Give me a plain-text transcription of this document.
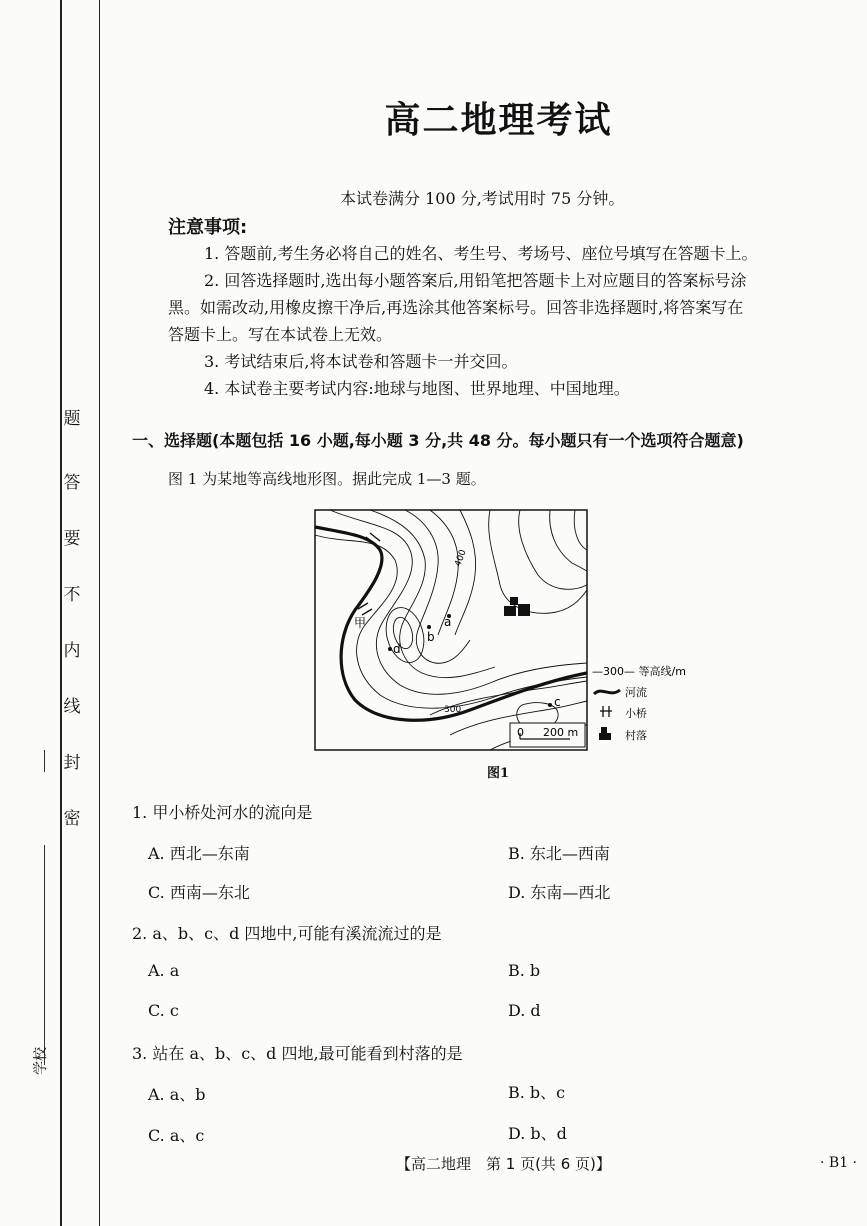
题
答
要
不
内
线
封
密
学校
高二地理考试
本试卷满分 100 分,考试用时 75 分钟。
注意事项:
1. 答题前,考生务必将自己的姓名、考生号、考场号、座位号填写在答题卡上。
2. 回答选择题时,选出每小题答案后,用铅笔把答题卡上对应题目的答案标号涂
黑。如需改动,用橡皮擦干净后,再选涂其他答案标号。回答非选择题时,将答案写在
答题卡上。写在本试卷上无效。
3. 考试结束后,将本试卷和答题卡一并交回。
4. 本试卷主要考试内容:地球与地图、世界地理、中国地理。
一、选择题(本题包括 16 小题,每小题 3 分,共 48 分。每小题只有一个选项符合题意)
图 1 为某地等高线地形图。据此完成 1—3 题。
a
b
c
d
甲
400
300
0 200 m
—300— 等高线/m
河流
小桥
村落
图1
1. 甲小桥处河水的流向是
A. 西北—东南	B. 东北—西南
C. 西南—东北	D. 东南—西北
2. a、b、c、d 四地中,可能有溪流流过的是
A. a	B. b
C. c	D. d
3. 站在 a、b、c、d 四地,最可能看到村落的是
A. a、b	B. b、c
C. a、c	D. b、d
【高二地理　第 1 页(共 6 页)】	· B1 ·
